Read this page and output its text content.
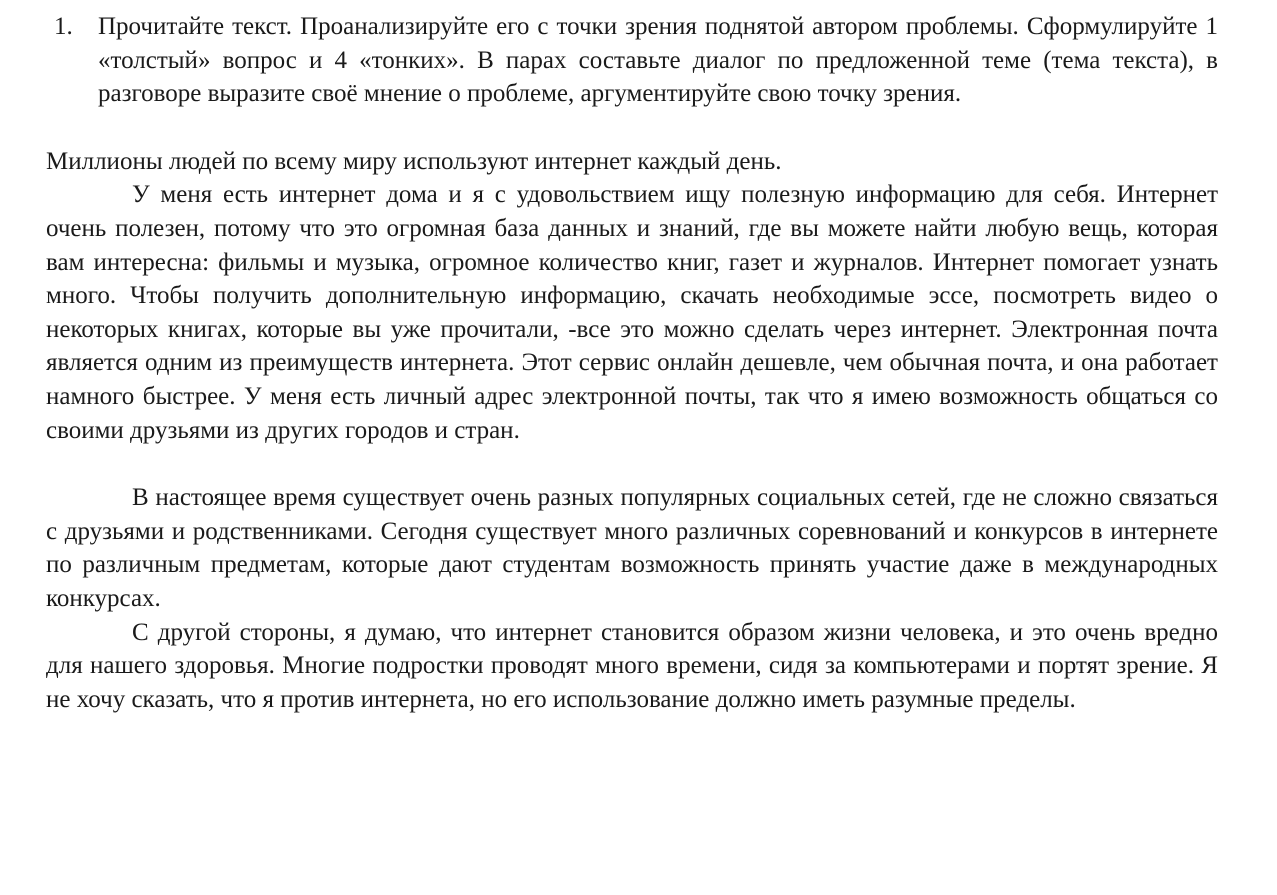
1.	Прочитайте текст. Проанализируйте его с точки зрения поднятой автором проблемы. Сформулируйте 1 «толстый» вопрос и 4 «тонких». В парах составьте диалог по предложенной теме (тема текста), в разговоре выразите своё мнение о проблеме, аргументируйте свою точку зрения.

Миллионы людей по всему миру используют интернет каждый день.

У меня есть интернет дома и я с удовольствием ищу полезную информацию для себя. Интернет очень полезен, потому что это огромная база данных и знаний, где вы можете найти любую вещь, которая вам интересна: фильмы и музыка, огромное количество книг, газет и журналов. Интернет помогает узнать много. Чтобы получить дополнительную информацию, скачать необходимые эссе, посмотреть видео о некоторых книгах, которые вы уже прочитали, -все это можно сделать через интернет. Электронная почта является одним из преимуществ интернета. Этот сервис онлайн дешевле, чем обычная почта, и она работает намного быстрее. У меня есть личный адрес электронной почты, так что я имею возможность общаться со своими друзьями из других городов и стран.

В настоящее время существует очень разных популярных социальных сетей, где не сложно связаться с друзьями и родственниками. Сегодня существует много различных соревнований и конкурсов в интернете по различным предметам, которые дают студентам возможность принять участие даже в международных конкурсах.

С другой стороны, я думаю, что интернет становится образом жизни человека, и это очень вредно для нашего здоровья. Многие подростки проводят много времени, сидя за компьютерами и портят зрение. Я не хочу сказать, что я против интернета, но его использование должно иметь разумные пределы.
